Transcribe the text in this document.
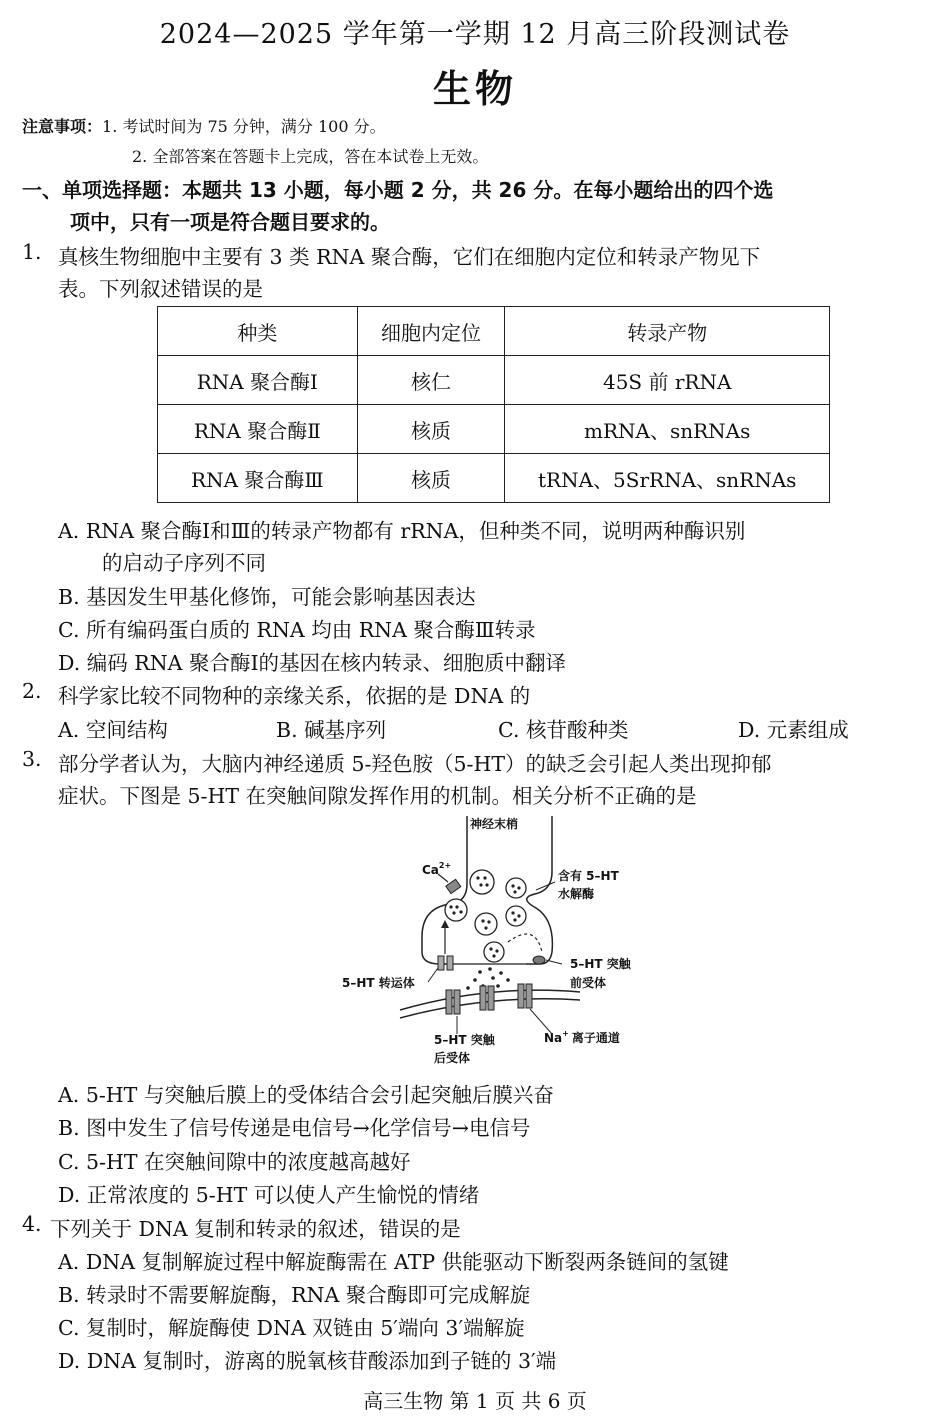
2024—2025 学年第一学期 12 月高三阶段测试卷
生物
注意事项：1. 考试时间为 75 分钟，满分 100 分。
2. 全部答案在答题卡上完成，答在本试卷上无效。
一、单项选择题：本题共 13 小题，每小题 2 分，共 26 分。在每小题给出的四个选
项中，只有一项是符合题目要求的。
1. 真核生物细胞中主要有 3 类 RNA 聚合酶，它们在细胞内定位和转录产物见下
表。下列叙述错误的是
种类	细胞内定位	转录产物
RNA 聚合酶Ⅰ	核仁	45S 前 rRNA
RNA 聚合酶Ⅱ	核质	mRNA、snRNAs
RNA 聚合酶Ⅲ	核质	tRNA、5SrRNA、snRNAs
A. RNA 聚合酶Ⅰ和Ⅲ的转录产物都有 rRNA，但种类不同，说明两种酶识别
的启动子序列不同
B. 基因发生甲基化修饰，可能会影响基因表达
C. 所有编码蛋白质的 RNA 均由 RNA 聚合酶Ⅲ转录
D. 编码 RNA 聚合酶Ⅰ的基因在核内转录、细胞质中翻译
2. 科学家比较不同物种的亲缘关系，依据的是 DNA 的
A. 空间结构	B. 碱基序列	C. 核苷酸种类	D. 元素组成
3. 部分学者认为，大脑内神经递质 5-羟色胺（5-HT）的缺乏会引起人类出现抑郁
症状。下图是 5-HT 在突触间隙发挥作用的机制。相关分析不正确的是
神经末梢
$Ca^{2+}$
含有 5–HT
水解酶
5–HT 突触
前受体
5–HT 转运体
5–HT 突触
后受体
Na+ 离子通道
A. 5-HT 与突触后膜上的受体结合会引起突触后膜兴奋
B. 图中发生了信号传递是电信号→化学信号→电信号
C. 5-HT 在突触间隙中的浓度越高越好
D. 正常浓度的 5-HT 可以使人产生愉悦的情绪
4. 下列关于 DNA 复制和转录的叙述，错误的是
A. DNA 复制解旋过程中解旋酶需在 ATP 供能驱动下断裂两条链间的氢键
B. 转录时不需要解旋酶，RNA 聚合酶即可完成解旋
C. 复制时，解旋酶使 DNA 双链由 5′端向 3′端解旋
D. DNA 复制时，游离的脱氧核苷酸添加到子链的 3′端
高三生物 第 1 页 共 6 页
